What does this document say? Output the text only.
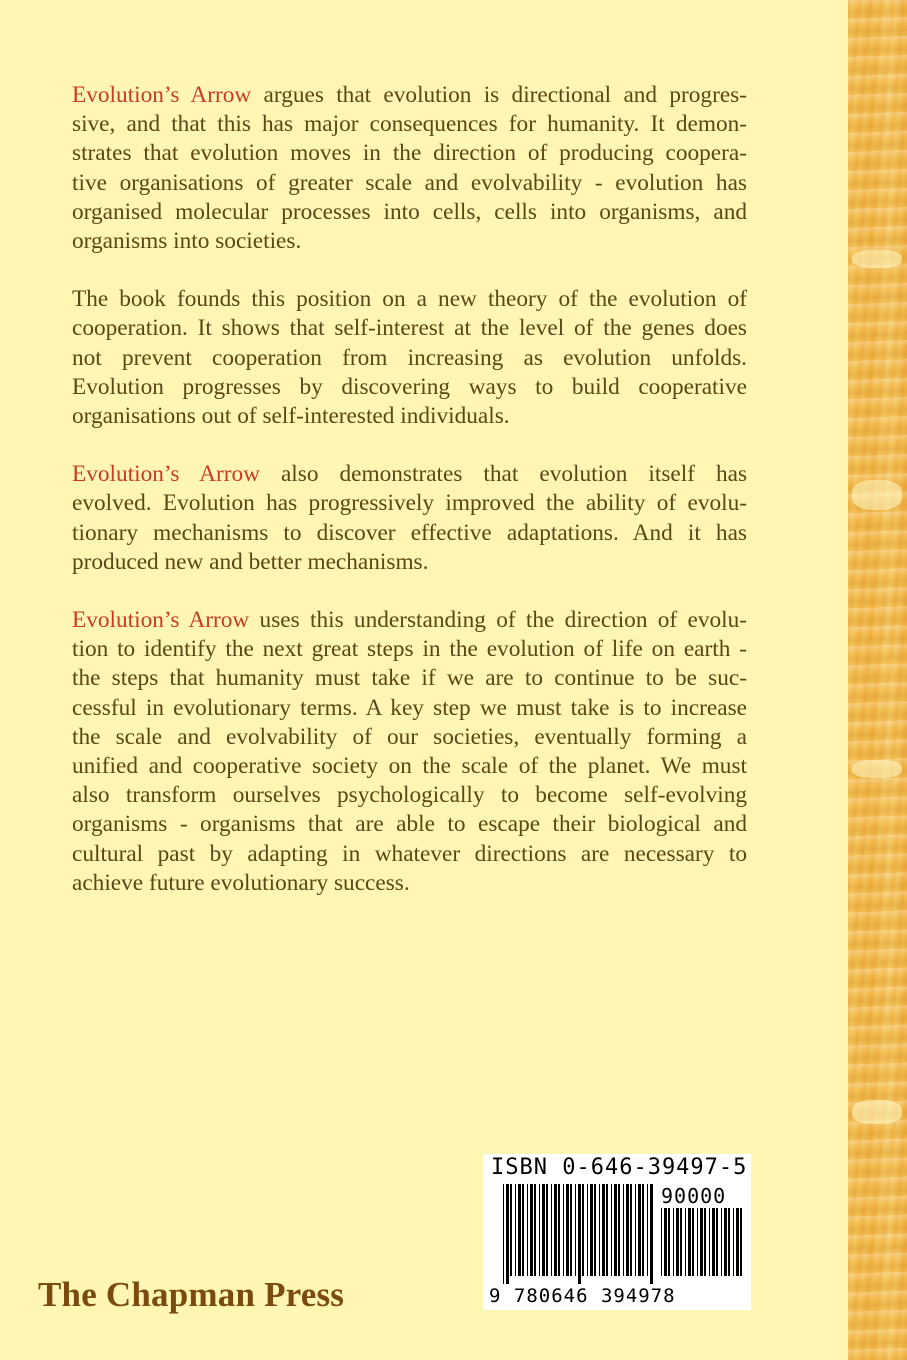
Evolution’s Arrow argues that evolution is directional and progres-
sive, and that this has major consequences for humanity. It demon-
strates that evolution moves in the direction of producing coopera-
tive organisations of greater scale and evolvability - evolution has
organised molecular processes into cells, cells into organisms, and
organisms into societies.

The book founds this position on a new theory of the evolution of
cooperation. It shows that self-interest at the level of the genes does
not prevent cooperation from increasing as evolution unfolds.
Evolution progresses by discovering ways to build cooperative
organisations out of self-interested individuals.

Evolution’s Arrow also demonstrates that evolution itself has
evolved. Evolution has progressively improved the ability of evolu-
tionary mechanisms to discover effective adaptations. And it has
produced new and better mechanisms.

Evolution’s Arrow uses this understanding of the direction of evolu-
tion to identify the next great steps in the evolution of life on earth -
the steps that humanity must take if we are to continue to be suc-
cessful in evolutionary terms. A key step we must take is to increase
the scale and evolvability of our societies, eventually forming a
unified and cooperative society on the scale of the planet. We must
also transform ourselves psychologically to become self-evolving
organisms - organisms that are able to escape their biological and
cultural past by adapting in whatever directions are necessary to
achieve future evolutionary success.

The Chapman Press
ISBN 0-646-39497-5
90000
9 780646 394978
